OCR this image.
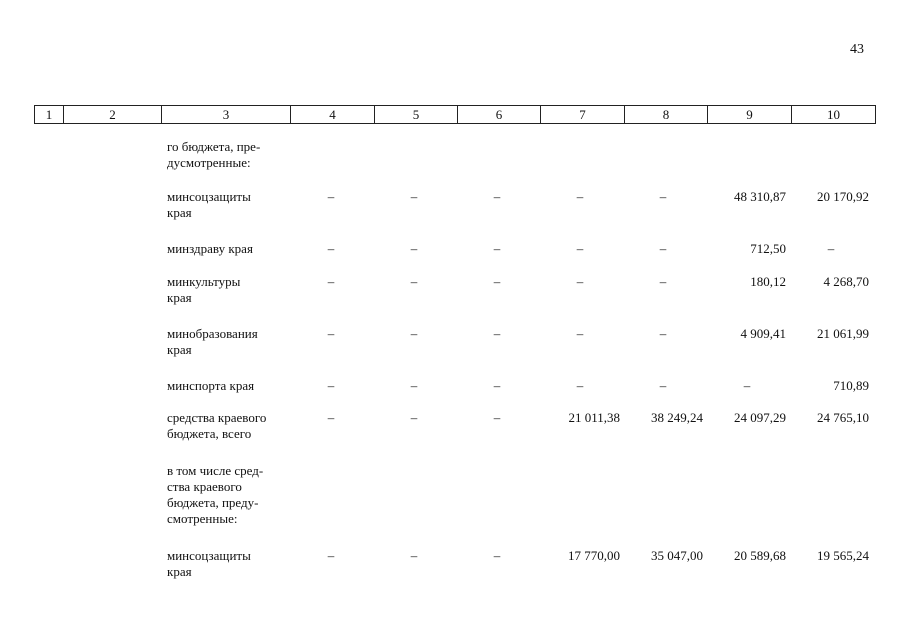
43
1	2	3	4	5	6	7	8	9	10
го бюджета, пре-
дусмотренные:
минсоцзащиты
края
–	–	–	–	–	48 310,87	20 170,92
минздраву края	–	–	–	–	–	712,50	–
минкультуры
края
–	–	–	–	–	180,12	4 268,70
минобразования
края
–	–	–	–	–	4 909,41	21 061,99
минспорта края	–	–	–	–	–	–	710,89
средства краевого
бюджета, всего
–	–	–	21 011,38	38 249,24	24 097,29	24 765,10
в том числе сред-
ства краевого
бюджета, преду-
смотренные:
минсоцзащиты
края
–	–	–	17 770,00	35 047,00	20 589,68	19 565,24
